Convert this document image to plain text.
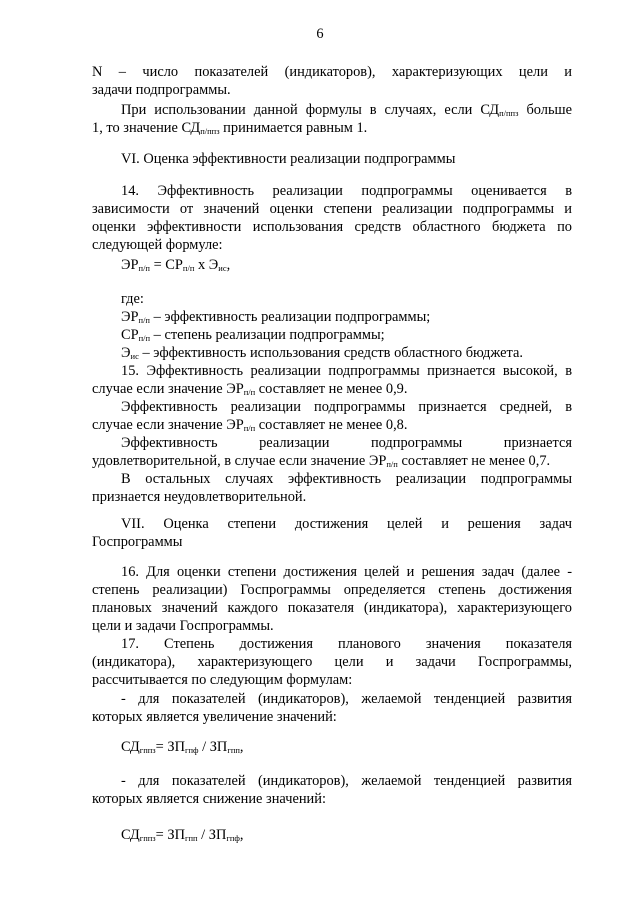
6
N – число показателей (индикаторов), характеризующих цели и
задачи подпрограммы.
При использовании данной формулы в случаях, если $СД_{п/ппз}$ больше
1, то значение $СД_{п/ппз}$ принимается равным 1.
VI. Оценка эффективности реализации подпрограммы
14. Эффективность реализации подпрограммы оценивается в
зависимости от значений оценки степени реализации подпрограммы и
оценки эффективности использования средств областного бюджета по
следующей формуле:
$ЭР_{п/п} = СР_{п/п}$ x $Э_{ис}$,
где:
$ЭР_{п/п}$ – эффективность реализации подпрограммы;
$СР_{п/п}$ – степень реализации подпрограммы;
$Э_{ис}$ – эффективность использования средств областного бюджета.
15. Эффективность реализации подпрограммы признается высокой, в
случае если значение $ЭР_{п/п}$ составляет не менее 0,9.
Эффективность реализации подпрограммы признается средней, в
случае если значение $ЭР_{п/п}$ составляет не менее 0,8.
Эффективность реализации подпрограммы признается
удовлетворительной, в случае если значение $ЭР_{п/п}$ составляет не менее 0,7.
В остальных случаях эффективность реализации подпрограммы
признается неудовлетворительной.
VII. Оценка степени достижения целей и решения задач
Госпрограммы
16. Для оценки степени достижения целей и решения задач (далее -
степень реализации) Госпрограммы определяется степень достижения
плановых значений каждого показателя (индикатора), характеризующего
цели и задачи Госпрограммы.
17. Степень достижения планового значения показателя
(индикатора), характеризующего цели и задачи Госпрограммы,
рассчитывается по следующим формулам:
- для показателей (индикаторов), желаемой тенденцией развития
которых является увеличение значений:
$СД_{гппз}= ЗП_{гпф} / ЗП_{гпп}$,
- для показателей (индикаторов), желаемой тенденцией развития
которых является снижение значений:
$СД_{гппз}= ЗП_{гпп} / ЗП_{гпф}$,
